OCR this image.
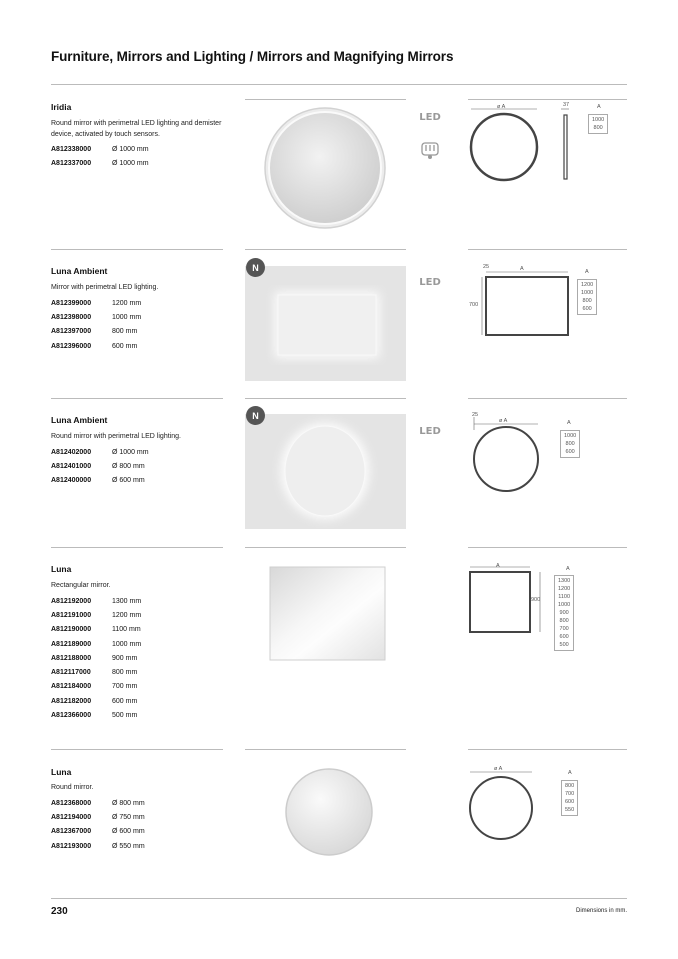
Furniture, Mirrors and Lighting / Mirrors and Magnifying Mirrors
Iridia
Round mirror with perimetral LED lighting and demister device, activated by touch sensors.
A812338000	Ø 1000 mm
A812337000	Ø 1000 mm
LED
ø A	37	A
1000
800
Luna Ambient
Mirror with perimetral LED lighting.
A812399000	1200 mm
A812398000	1000 mm
A812397000	800 mm
A812396000	600 mm
N
LED
25	A
700
A
1200
1000
800
600
Luna Ambient
Round mirror with perimetral LED lighting.
A812402000	Ø 1000 mm
A812401000	Ø 800 mm
A812400000	Ø 600 mm
N
LED
25
ø A	A
1000
800
600
Luna
Rectangular mirror.
A812192000	1300 mm
A812191000	1200 mm
A812190000	1100 mm
A812189000	1000 mm
A812188000	900 mm
A812117000	800 mm
A812184000	700 mm
A812182000	600 mm
A812366000	500 mm
A
900
A
1300
1200
1100
1000
900
800
700
600
500
Luna
Round mirror.
A812368000	Ø 800 mm
A812194000	Ø 750 mm
A812367000	Ø 600 mm
A812193000	Ø 550 mm
ø A
A
800
700
600
550
230	Dimensions in mm.
